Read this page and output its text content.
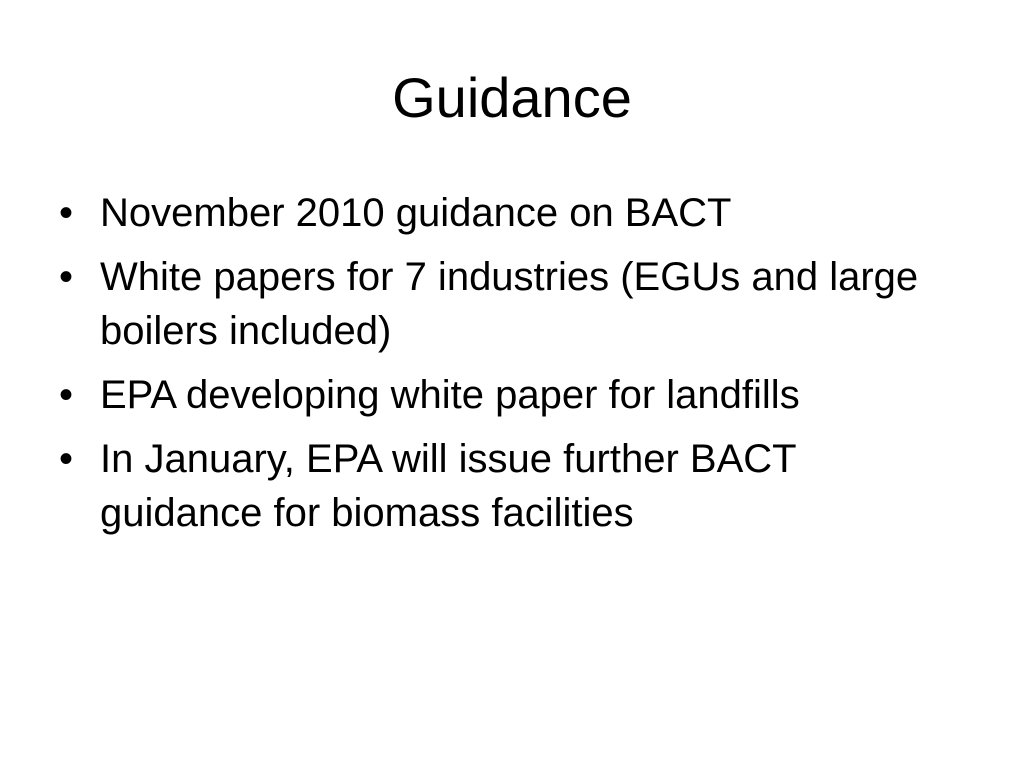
Guidance
• November 2010 guidance on BACT
• White papers for 7 industries (EGUs and large boilers included)
• EPA developing white paper for landfills
• In January, EPA will issue further BACT guidance for biomass facilities
